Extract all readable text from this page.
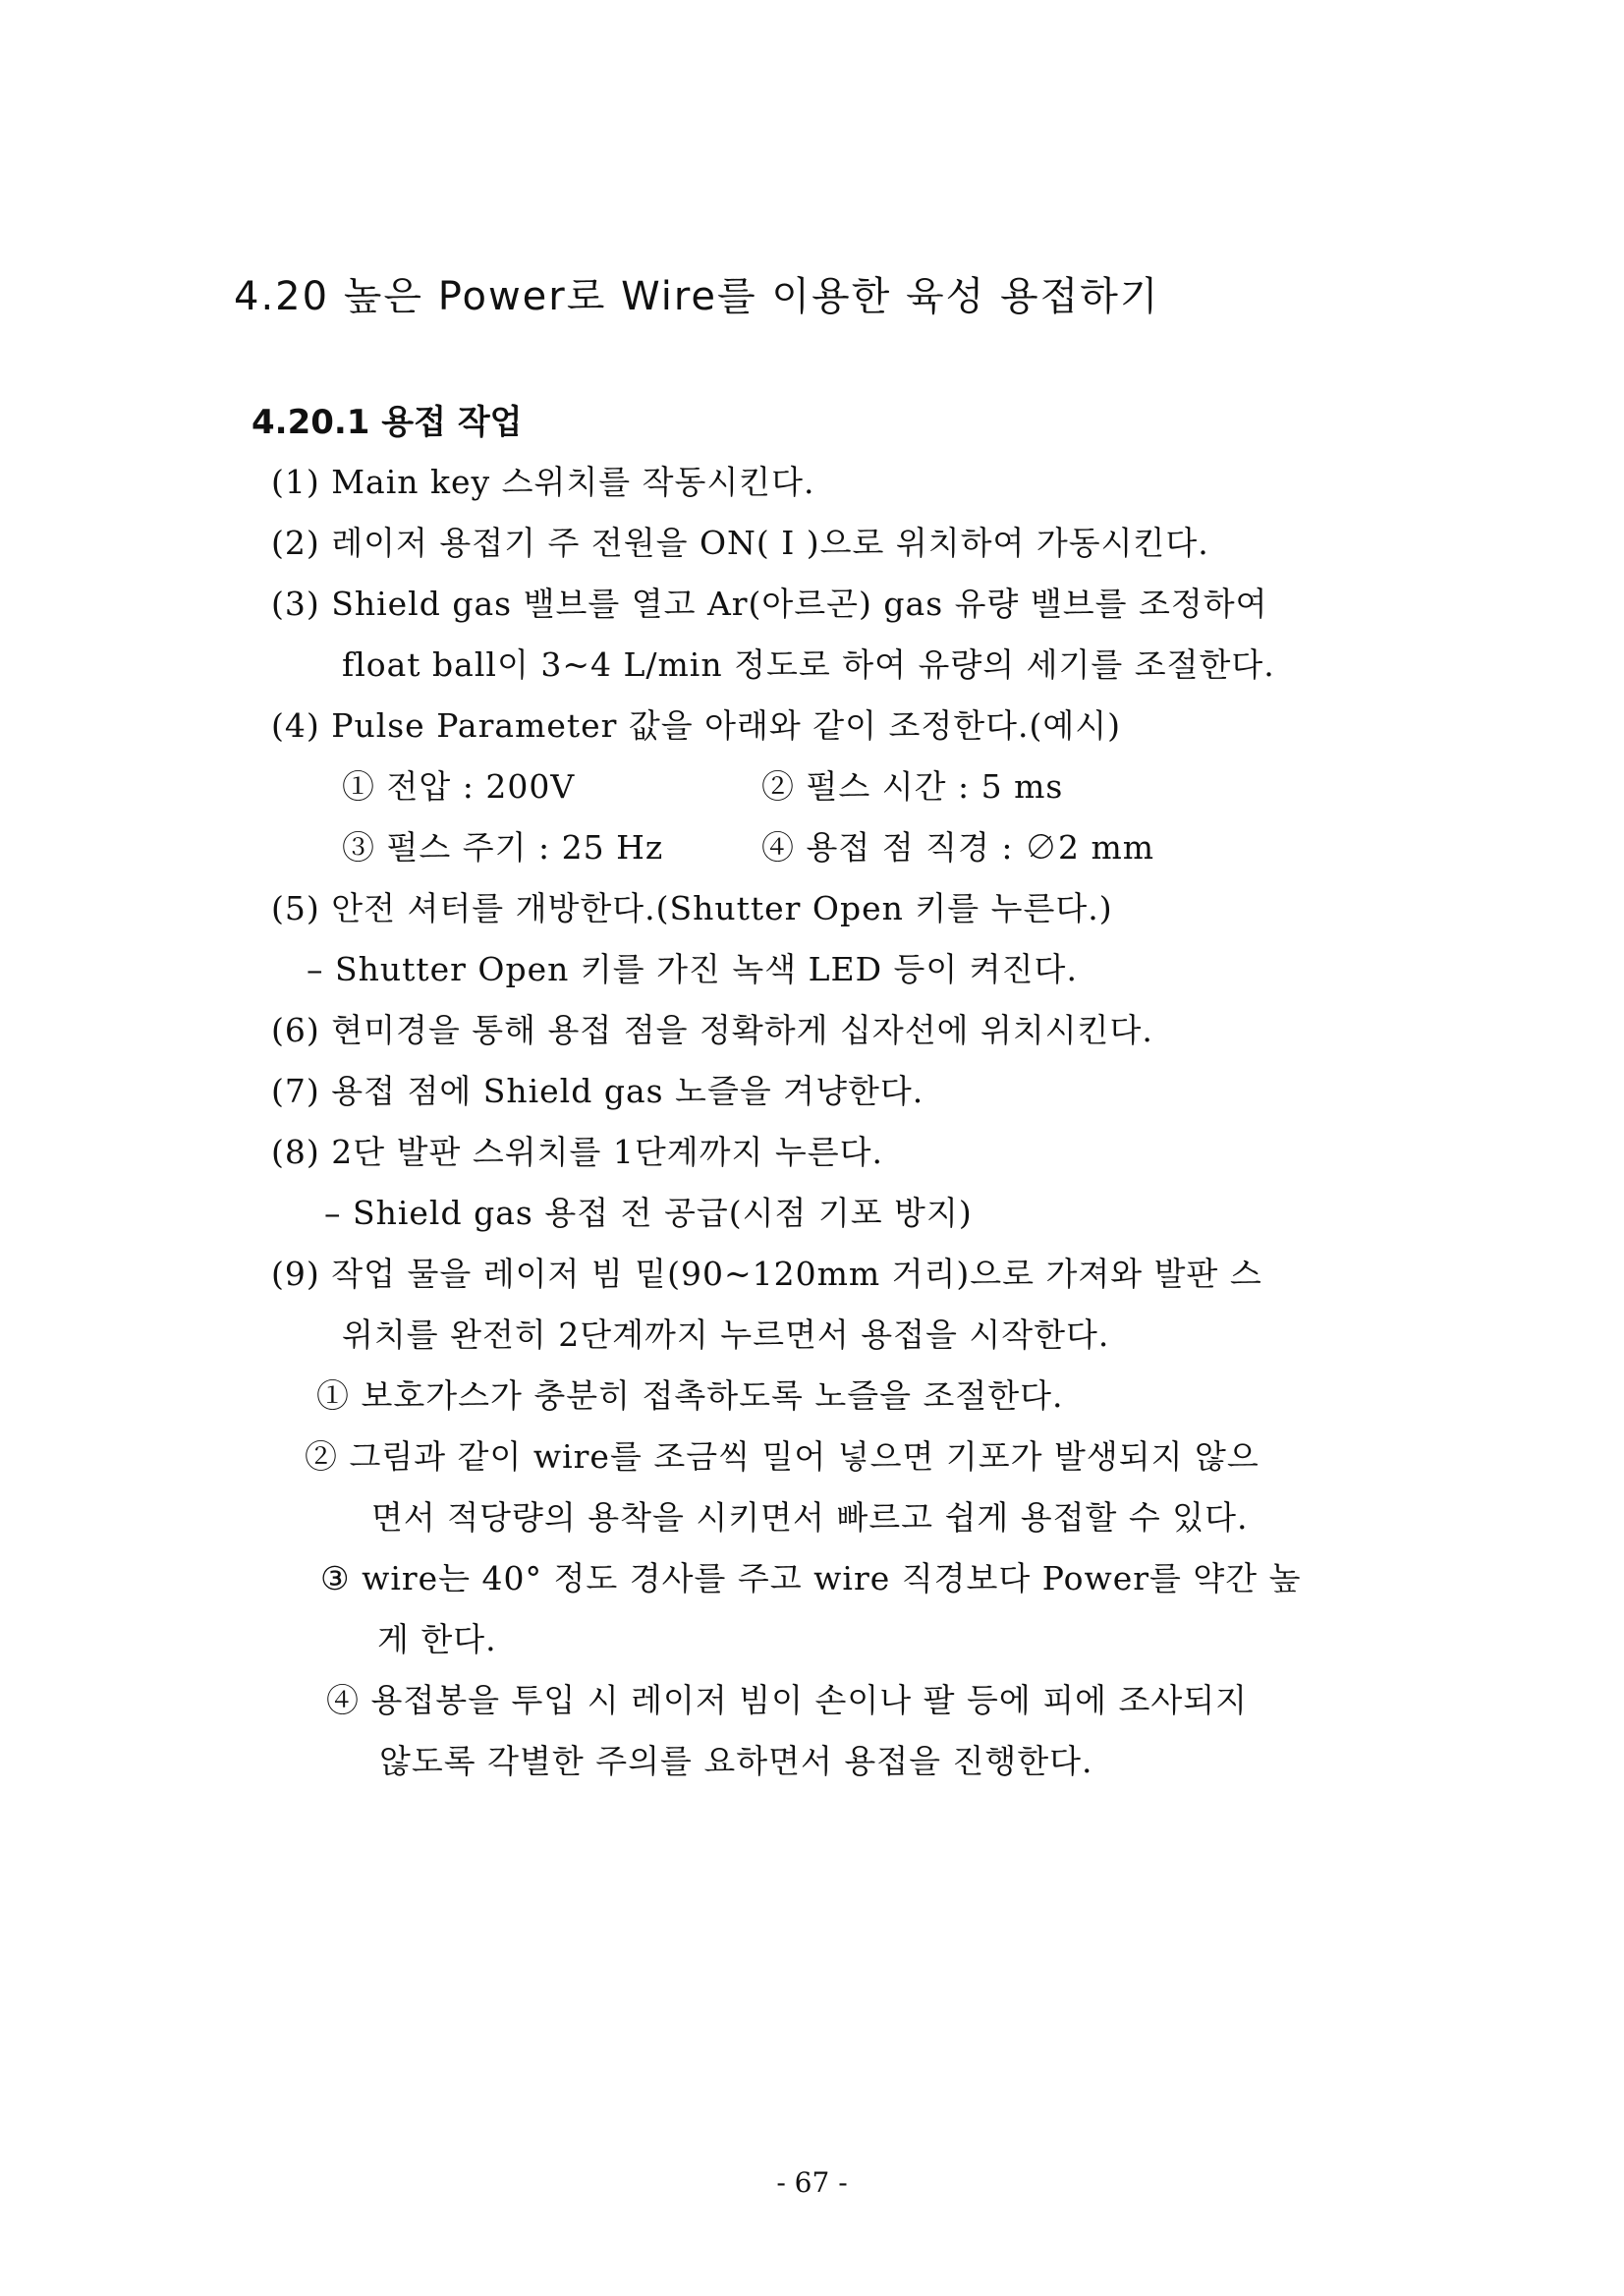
4.20 높은 Power로 Wire를 이용한 육성 용접하기
4.20.1 용접 작업
(1) Main key 스위치를 작동시킨다.
(2) 레이저 용접기 주 전원을 ON( I )으로 위치하여 가동시킨다.
(3) Shield gas 밸브를 열고 Ar(아르곤) gas 유량 밸브를 조정하여
float ball이 3~4 L/min 정도로 하여 유량의 세기를 조절한다.
(4) Pulse Parameter 값을 아래와 같이 조정한다.(예시)
① 전압 : 200V	② 펄스 시간 : 5 ms
③ 펄스 주기 : 25 Hz	④ 용접 점 직경 : ∅2 mm
(5) 안전 셔터를 개방한다.(Shutter Open 키를 누른다.)
– Shutter Open 키를 가진 녹색 LED 등이 켜진다.
(6) 현미경을 통해 용접 점을 정확하게 십자선에 위치시킨다.
(7) 용접 점에 Shield gas 노즐을 겨냥한다.
(8) 2단 발판 스위치를 1단계까지 누른다.
– Shield gas 용접 전 공급(시점 기포 방지)
(9) 작업 물을 레이저 빔 밑(90~120mm 거리)으로 가져와 발판 스
위치를 완전히 2단계까지 누르면서 용접을 시작한다.
① 보호가스가 충분히 접촉하도록 노즐을 조절한다.
② 그림과 같이 wire를 조금씩 밀어 넣으면 기포가 발생되지 않으
면서 적당량의 용착을 시키면서 빠르고 쉽게 용접할 수 있다.
③ wire는 40° 정도 경사를 주고 wire 직경보다 Power를 약간 높
게 한다.
④ 용접봉을 투입 시 레이저 빔이 손이나 팔 등에 피에 조사되지
않도록 각별한 주의를 요하면서 용접을 진행한다.
- 67 -
